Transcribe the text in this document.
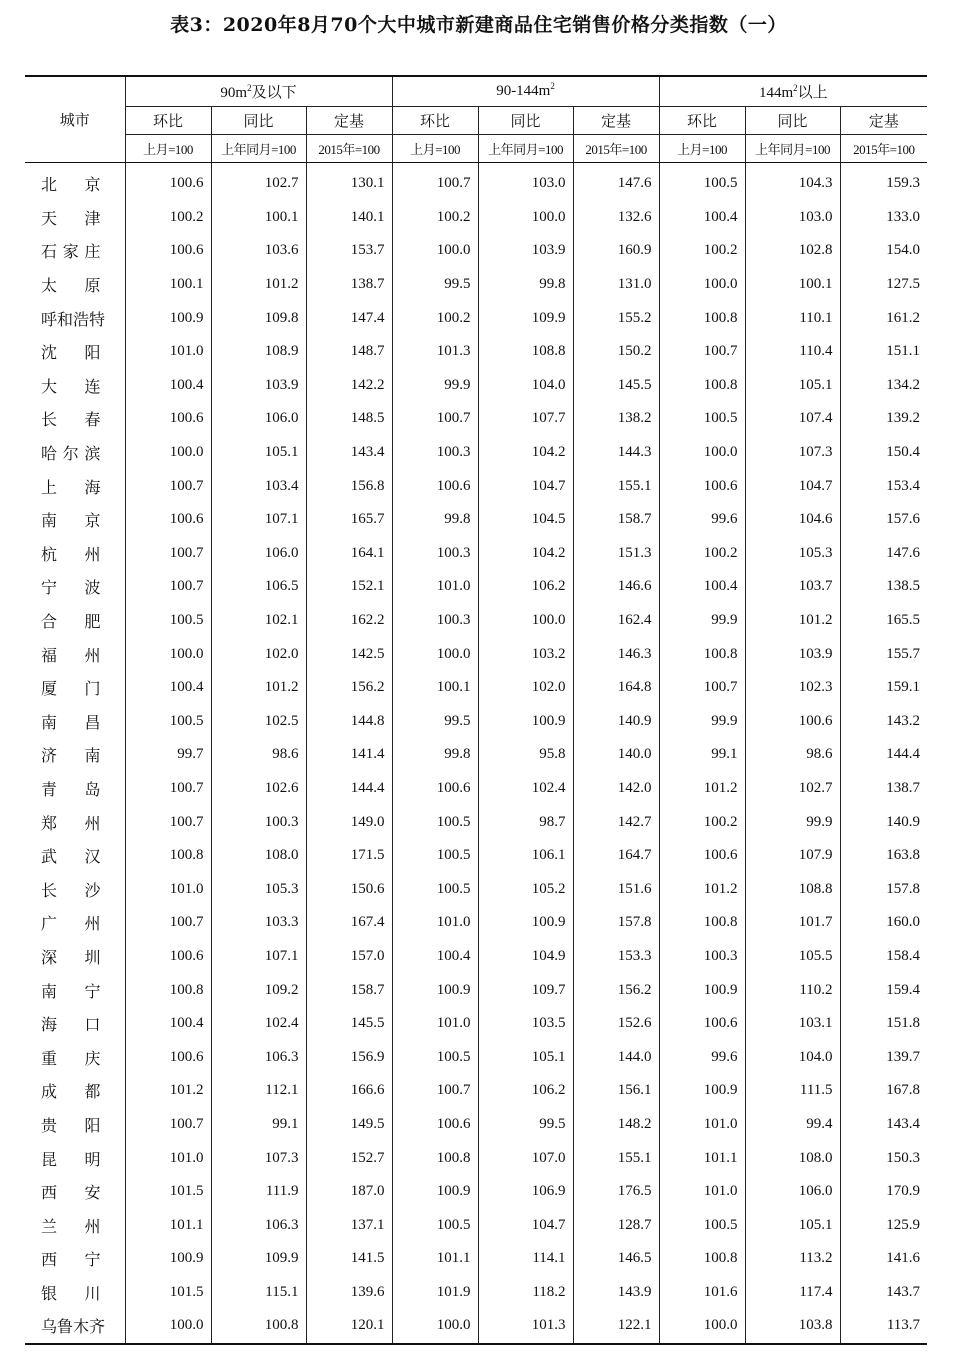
表3：2020年8月70个大中城市新建商品住宅销售价格分类指数（一）
城市	$90m^2$及以下			$90-144m^2$			$144m^2$以上		
	环比	同比	定基	环比	同比	定基	环比	同比	定基
	上月=100	上年同月=100	2015年=100	上月=100	上年同月=100	2015年=100	上月=100	上年同月=100	2015年=100
北京	100.6	102.7	130.1	100.7	103.0	147.6	100.5	104.3	159.3
天津	100.2	100.1	140.1	100.2	100.0	132.6	100.4	103.0	133.0
石家庄	100.6	103.6	153.7	100.0	103.9	160.9	100.2	102.8	154.0
太原	100.1	101.2	138.7	99.5	99.8	131.0	100.0	100.1	127.5
呼和浩特	100.9	109.8	147.4	100.2	109.9	155.2	100.8	110.1	161.2
沈阳	101.0	108.9	148.7	101.3	108.8	150.2	100.7	110.4	151.1
大连	100.4	103.9	142.2	99.9	104.0	145.5	100.8	105.1	134.2
长春	100.6	106.0	148.5	100.7	107.7	138.2	100.5	107.4	139.2
哈尔滨	100.0	105.1	143.4	100.3	104.2	144.3	100.0	107.3	150.4
上海	100.7	103.4	156.8	100.6	104.7	155.1	100.6	104.7	153.4
南京	100.6	107.1	165.7	99.8	104.5	158.7	99.6	104.6	157.6
杭州	100.7	106.0	164.1	100.3	104.2	151.3	100.2	105.3	147.6
宁波	100.7	106.5	152.1	101.0	106.2	146.6	100.4	103.7	138.5
合肥	100.5	102.1	162.2	100.3	100.0	162.4	99.9	101.2	165.5
福州	100.0	102.0	142.5	100.0	103.2	146.3	100.8	103.9	155.7
厦门	100.4	101.2	156.2	100.1	102.0	164.8	100.7	102.3	159.1
南昌	100.5	102.5	144.8	99.5	100.9	140.9	99.9	100.6	143.2
济南	99.7	98.6	141.4	99.8	95.8	140.0	99.1	98.6	144.4
青岛	100.7	102.6	144.4	100.6	102.4	142.0	101.2	102.7	138.7
郑州	100.7	100.3	149.0	100.5	98.7	142.7	100.2	99.9	140.9
武汉	100.8	108.0	171.5	100.5	106.1	164.7	100.6	107.9	163.8
长沙	101.0	105.3	150.6	100.5	105.2	151.6	101.2	108.8	157.8
广州	100.7	103.3	167.4	101.0	100.9	157.8	100.8	101.7	160.0
深圳	100.6	107.1	157.0	100.4	104.9	153.3	100.3	105.5	158.4
南宁	100.8	109.2	158.7	100.9	109.7	156.2	100.9	110.2	159.4
海口	100.4	102.4	145.5	101.0	103.5	152.6	100.6	103.1	151.8
重庆	100.6	106.3	156.9	100.5	105.1	144.0	99.6	104.0	139.7
成都	101.2	112.1	166.6	100.7	106.2	156.1	100.9	111.5	167.8
贵阳	100.7	99.1	149.5	100.6	99.5	148.2	101.0	99.4	143.4
昆明	101.0	107.3	152.7	100.8	107.0	155.1	101.1	108.0	150.3
西安	101.5	111.9	187.0	100.9	106.9	176.5	101.0	106.0	170.9
兰州	101.1	106.3	137.1	100.5	104.7	128.7	100.5	105.1	125.9
西宁	100.9	109.9	141.5	101.1	114.1	146.5	100.8	113.2	141.6
银川	101.5	115.1	139.6	101.9	118.2	143.9	101.6	117.4	143.7
乌鲁木齐	100.0	100.8	120.1	100.0	101.3	122.1	100.0	103.8	113.7
